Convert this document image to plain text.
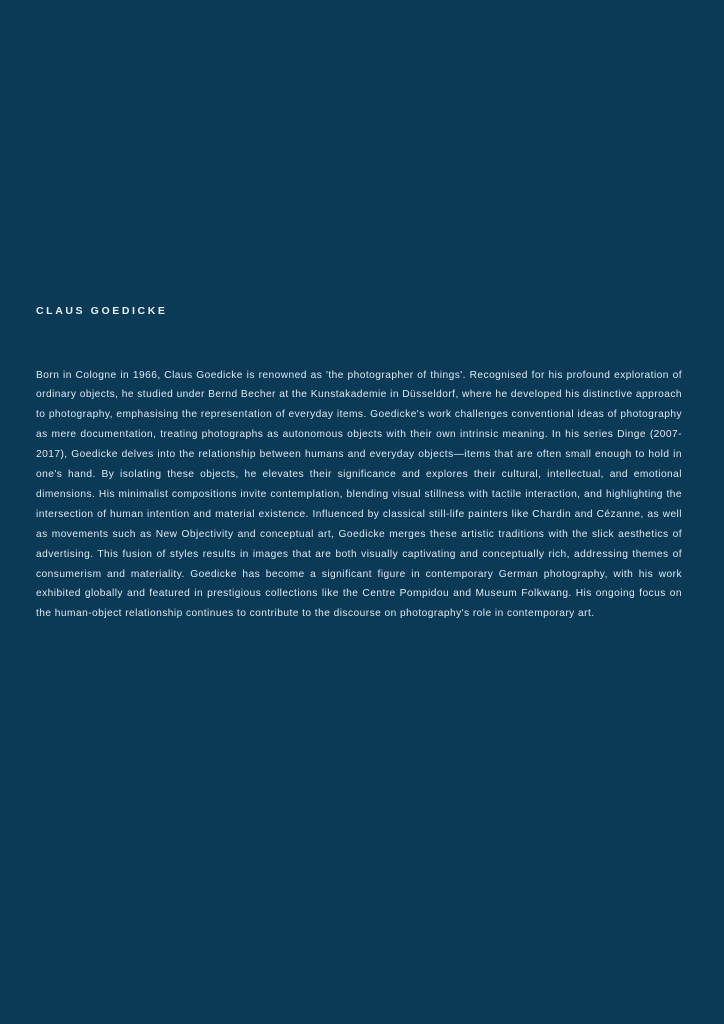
CLAUS GOEDICKE

Born in Cologne in 1966, Claus Goedicke is renowned as 'the photographer of things'. Recognised for his profound exploration of ordinary objects, he studied under Bernd Becher at the Kunstakademie in Düsseldorf, where he developed his distinctive approach to photography, emphasising the representation of everyday items. Goedicke's work challenges conventional ideas of photography as mere documentation, treating photographs as autonomous objects with their own intrinsic meaning. In his series Dinge (2007-2017), Goedicke delves into the relationship between humans and everyday objects—items that are often small enough to hold in one's hand. By isolating these objects, he elevates their significance and explores their cultural, intellectual, and emotional dimensions. His minimalist compositions invite contemplation, blending visual stillness with tactile interaction, and highlighting the intersection of human intention and material existence. Influenced by classical still-life painters like Chardin and Cézanne, as well as movements such as New Objectivity and conceptual art, Goedicke merges these artistic traditions with the slick aesthetics of advertising. This fusion of styles results in images that are both visually captivating and conceptually rich, addressing themes of consumerism and materiality. Goedicke has become a significant figure in contemporary German photography, with his work exhibited globally and featured in prestigious collections like the Centre Pompidou and Museum Folkwang. His ongoing focus on the human-object relationship continues to contribute to the discourse on photography's role in contemporary art.
